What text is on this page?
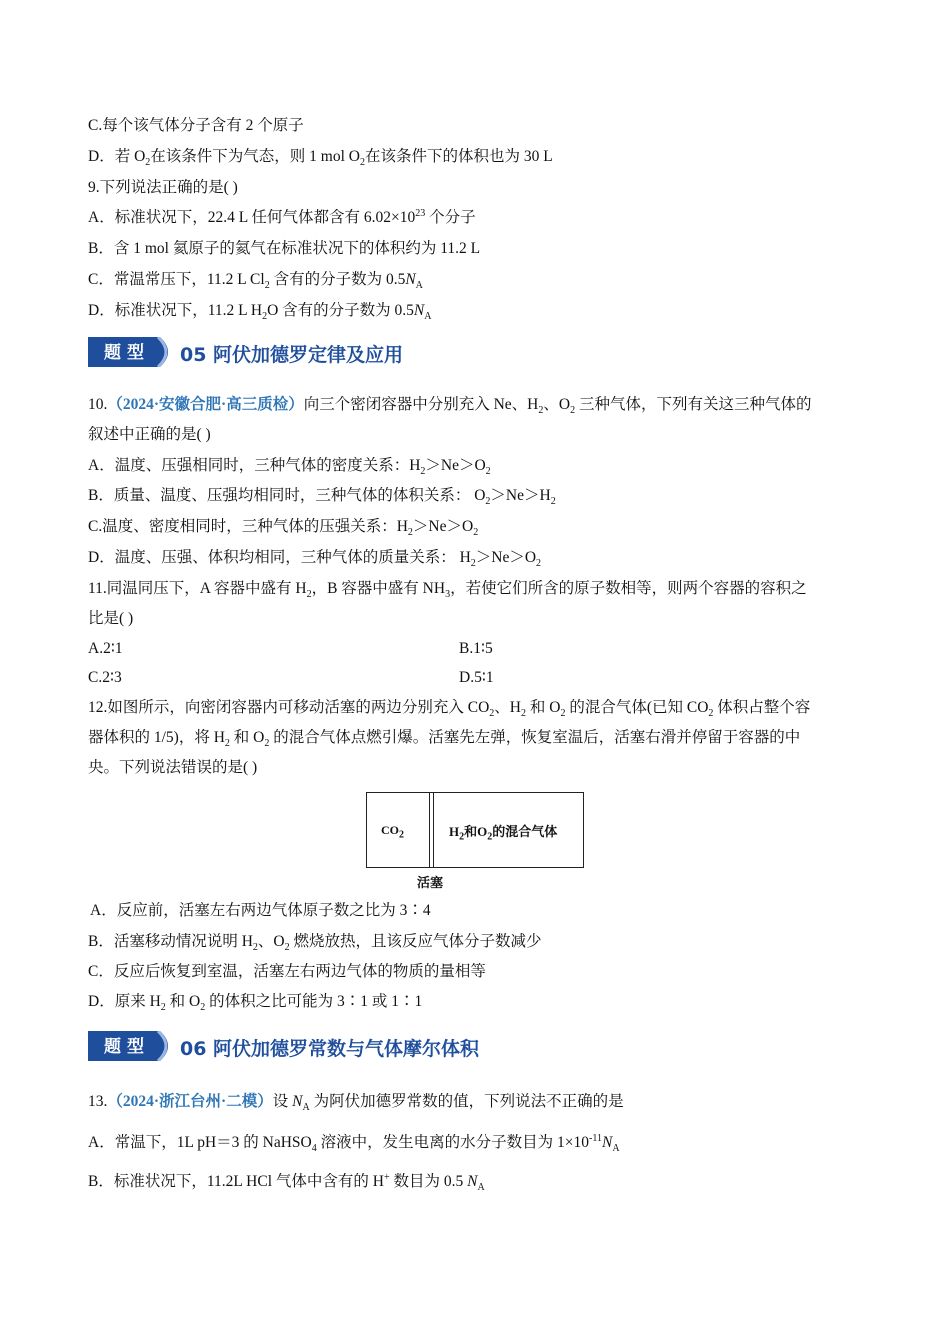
C.每个该气体分子含有 2 个原子
D．若 $O_2$在该条件下为气态，则 1 mol $O_2$在该条件下的体积也为 30 L
9.下列说法正确的是( )
A．标准状况下，22.4 L 任何气体都含有 $6.02\times 10^{23}$ 个分子
B．含 1 mol 氦原子的氦气在标准状况下的体积约为 11.2 L
C．常温常压下，11.2 L $Cl_2$ 含有的分子数为 $0.5N_A$
D．标准状况下，11.2 L $H_2O$ 含有的分子数为 $0.5N_A$
题 型 05 阿伏加德罗定律及应用
10.（2024·安徽合肥·高三质检）向三个密闭容器中分别充入 Ne、$H_2$、$O_2$ 三种气体，下列有关这三种气体的
叙述中正确的是( )
A．温度、压强相同时，三种气体的密度关系：$H_2>Ne>O_2$
B．质量、温度、压强均相同时，三种气体的体积关系： $O_2>Ne>H_2$
C.温度、密度相同时，三种气体的压强关系：$H_2>Ne>O_2$
D．温度、压强、体积均相同，三种气体的质量关系： $H_2>Ne>O_2$
11.同温同压下，A 容器中盛有 $H_2$，B 容器中盛有 $NH_3$，若使它们所含的原子数相等，则两个容器的容积之
比是( )
A.2∶1	B.1∶5
C.2∶3	D.5∶1
12.如图所示，向密闭容器内可移动活塞的两边分别充入 $CO_2$、$H_2$ 和 $O_2$ 的混合气体(已知 $CO_2$ 体积占整个容
器体积的 1/5)，将 $H_2$ 和 $O_2$ 的混合气体点燃引爆。活塞先左弹，恢复室温后，活塞右滑并停留于容器的中
央。下列说法错误的是( )
$CO_2$	$H_2$和$O_2$的混合气体
活塞
A．反应前，活塞左右两边气体原子数之比为 3∶4
B．活塞移动情况说明 $H_2$、$O_2$ 燃烧放热，且该反应气体分子数减少
C．反应后恢复到室温，活塞左右两边气体的物质的量相等
D．原来 $H_2$ 和 $O_2$ 的体积之比可能为 3∶1 或 1∶1
题 型 06 阿伏加德罗常数与气体摩尔体积
13.（2024·浙江台州·二模）设 $N_A$ 为阿伏加德罗常数的值，下列说法不正确的是
A．常温下，1L pH＝3 的 NaHSO$_4$ 溶液中，发生电离的水分子数目为 $1\times 10^{-11}N_A$
B．标准状况下，11.2L HCl 气体中含有的 H+ 数目为 0.5 $N_A$
